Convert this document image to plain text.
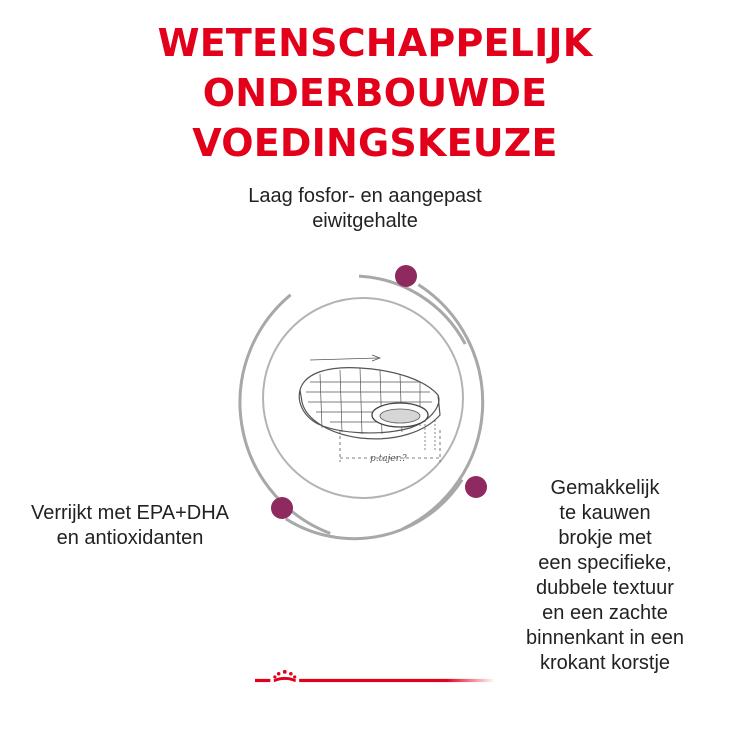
WETENSCHAPPELIJK ONDERBOUWDE
VOEDINGSKEUZE
p.tajer.?
Laag fosfor- en aangepast
eiwitgehalte
Verrijkt met EPA+DHA
en antioxidanten
Gemakkelijk
te kauwen
brokje met
een specifieke,
dubbele textuur
en een zachte
binnenkant in een
krokant korstje
